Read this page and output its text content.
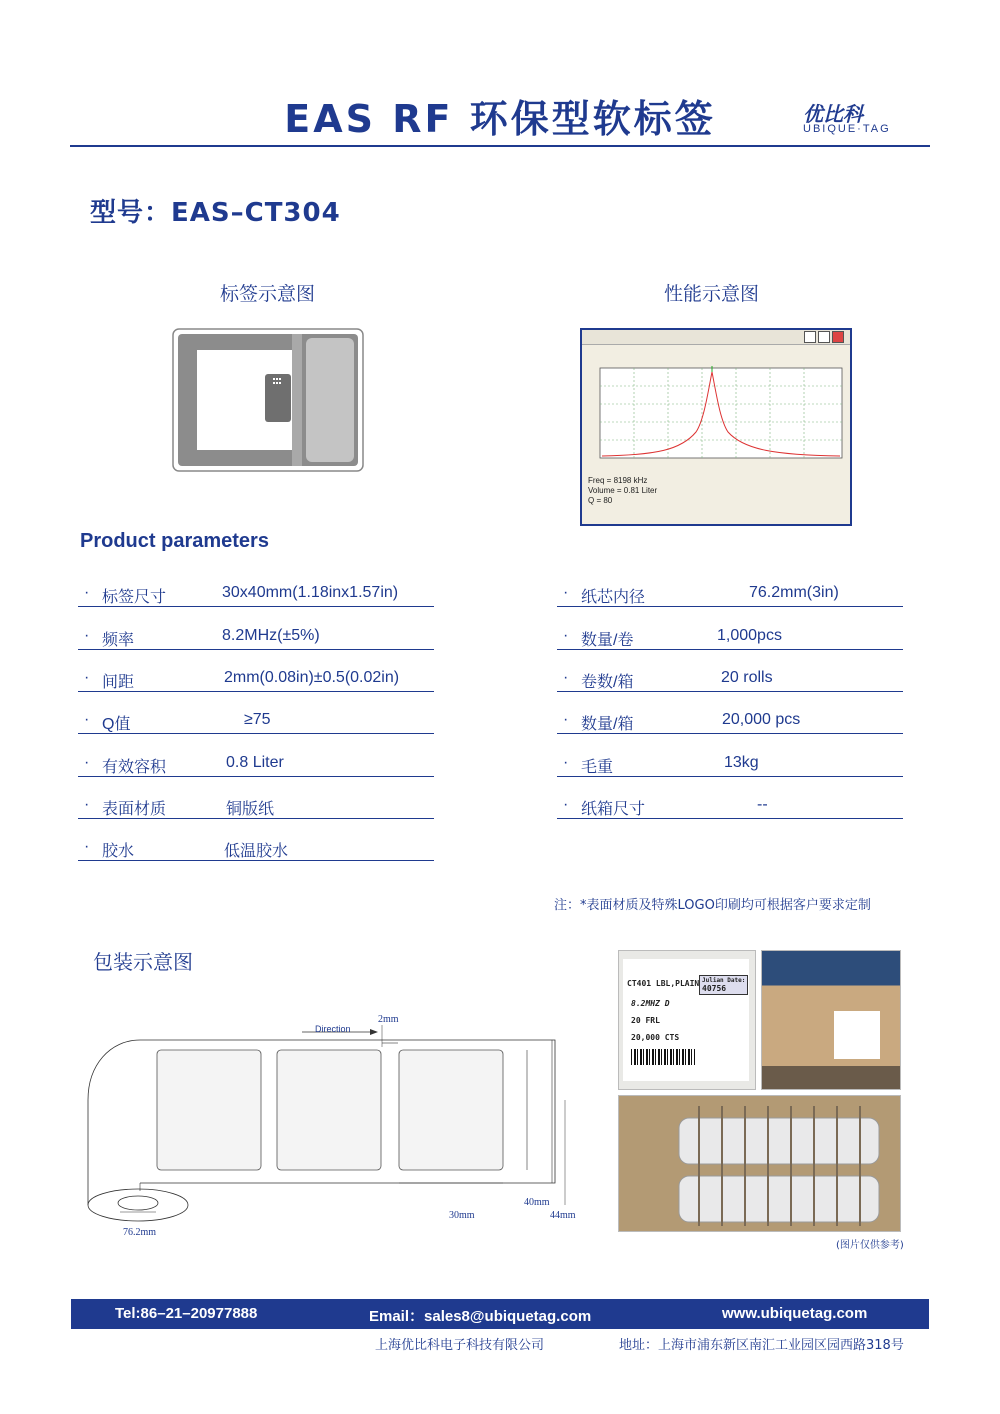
EAS RF 环保型软标签	优比科
UBIQUE·TAG
型号：EAS–CT304
标签示意图	性能示意图
Freq = 8198 kHz
Volume = 0.81 Liter
Q = 80
Product parameters
· 标签尺寸	30x40mm(1.18inx1.57in)
· 频率	8.2MHz(±5%)
· 间距	2mm(0.08in)±0.5(0.02in)
· Q值	≥75
· 有效容积	0.8 Liter
· 表面材质	铜版纸
· 胶水	低温胶水
· 纸芯内径	76.2mm(3in)
· 数量/卷	1,000pcs
· 卷数/箱	20 rolls
· 数量/箱	20,000 pcs
· 毛重	13kg
· 纸箱尺寸	--
注：*表面材质及特殊LOGO印刷均可根据客户要求定制
包装示意图
Direction
2mm
30mm
40mm
44mm
76.2mm
CT401 LBL,PLAIN Julian Date:
40756
8.2MHZ D
20 FRL
20,000 CTS
(图片仅供参考)
Tel:86–21–20977888	Email：sales8@ubiquetag.com	www.ubiquetag.com
上海优比科电子科技有限公司	地址：上海市浦东新区南汇工业园区园西路318号
